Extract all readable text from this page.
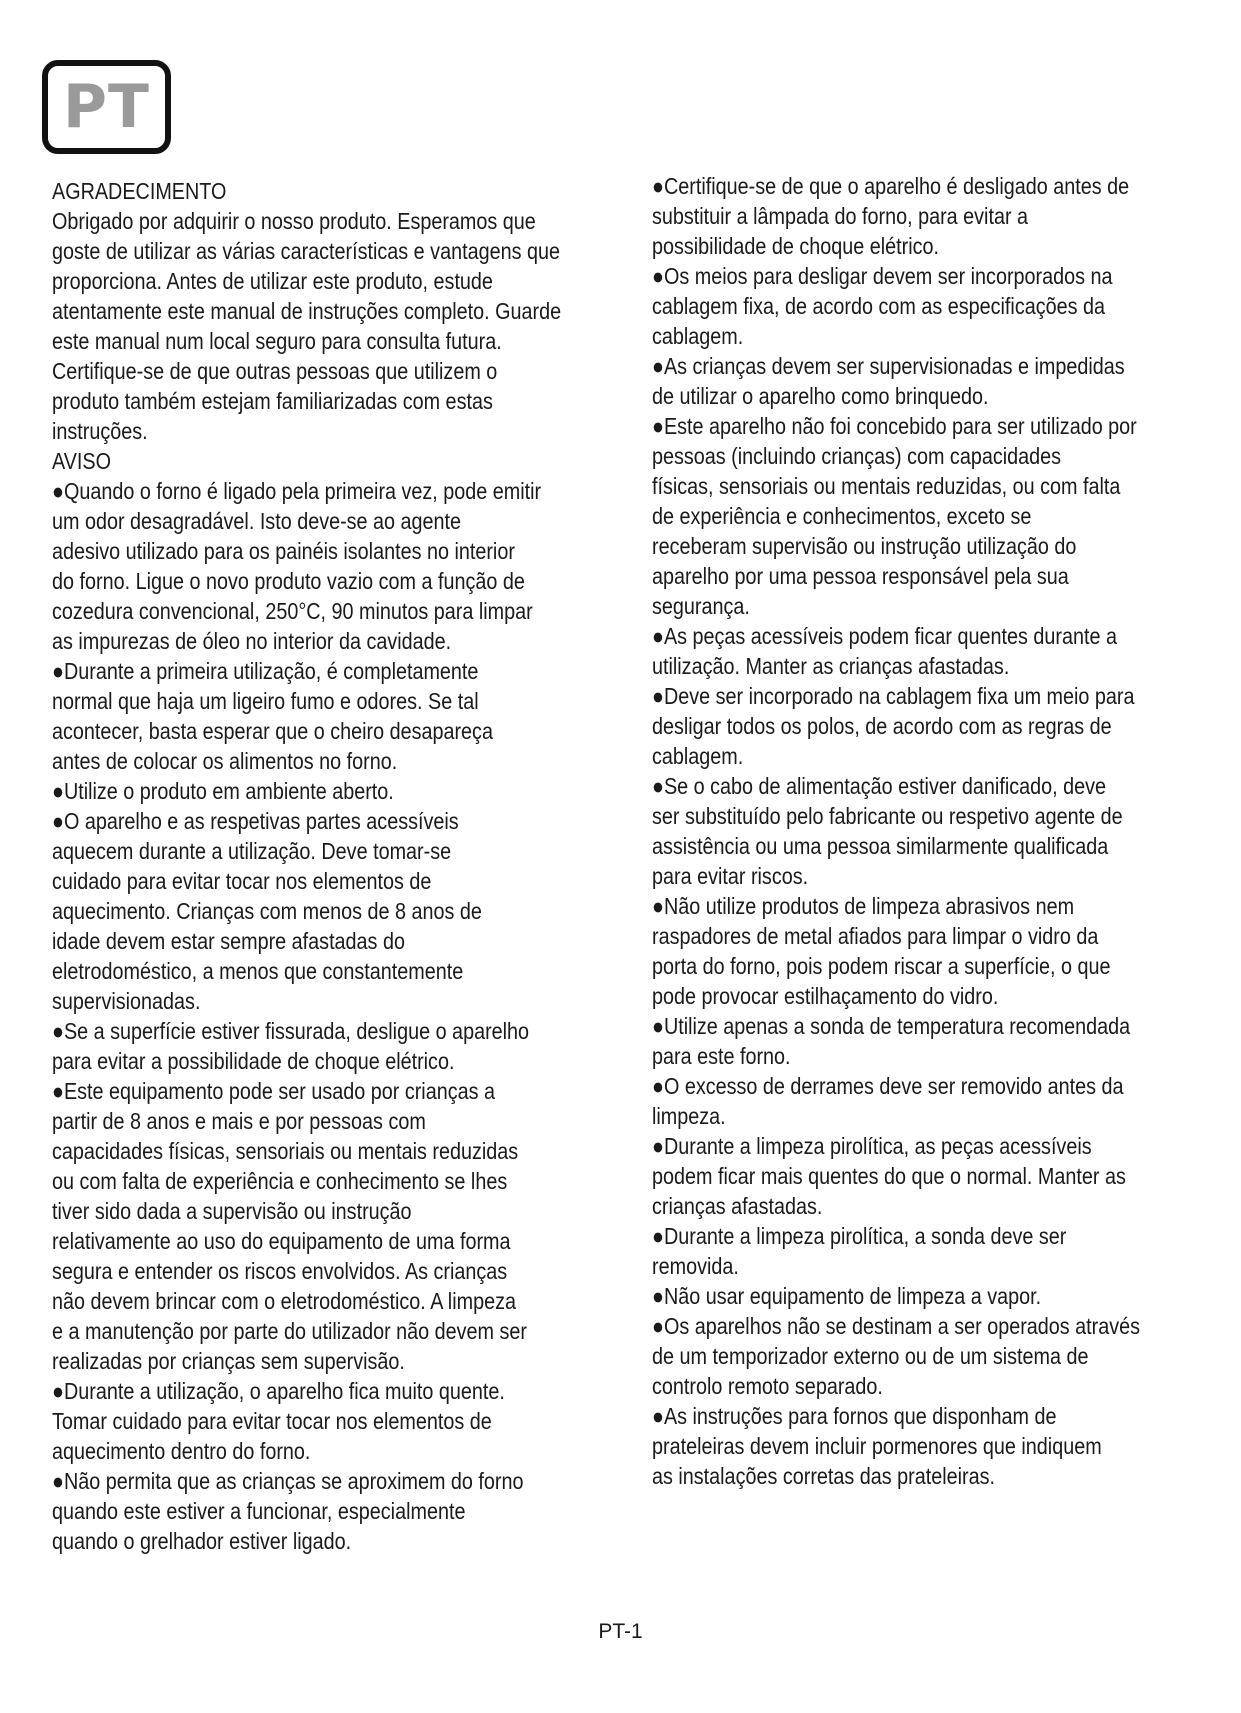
PT
AGRADECIMENTO
Obrigado por adquirir o nosso produto. Esperamos que
goste de utilizar as várias características e vantagens que
proporciona. Antes de utilizar este produto, estude
atentamente este manual de instruções completo. Guarde
este manual num local seguro para consulta futura.
Certifique-se de que outras pessoas que utilizem o
produto também estejam familiarizadas com estas
instruções.
AVISO
●Quando o forno é ligado pela primeira vez, pode emitir
um odor desagradável. Isto deve-se ao agente
adesivo utilizado para os painéis isolantes no interior
do forno. Ligue o novo produto vazio com a função de
cozedura convencional, 250°C, 90 minutos para limpar
as impurezas de óleo no interior da cavidade.
●Durante a primeira utilização, é completamente
normal que haja um ligeiro fumo e odores. Se tal
acontecer, basta esperar que o cheiro desapareça
antes de colocar os alimentos no forno.
●Utilize o produto em ambiente aberto.
●O aparelho e as respetivas partes acessíveis
aquecem durante a utilização. Deve tomar-se
cuidado para evitar tocar nos elementos de
aquecimento. Crianças com menos de 8 anos de
idade devem estar sempre afastadas do
eletrodoméstico, a menos que constantemente
supervisionadas.
●Se a superfície estiver fissurada, desligue o aparelho
para evitar a possibilidade de choque elétrico.
●Este equipamento pode ser usado por crianças a
partir de 8 anos e mais e por pessoas com
capacidades físicas, sensoriais ou mentais reduzidas
ou com falta de experiência e conhecimento se lhes
tiver sido dada a supervisão ou instrução
relativamente ao uso do equipamento de uma forma
segura e entender os riscos envolvidos. As crianças
não devem brincar com o eletrodoméstico. A limpeza
e a manutenção por parte do utilizador não devem ser
realizadas por crianças sem supervisão.
●Durante a utilização, o aparelho fica muito quente.
Tomar cuidado para evitar tocar nos elementos de
aquecimento dentro do forno.
●Não permita que as crianças se aproximem do forno
quando este estiver a funcionar, especialmente
quando o grelhador estiver ligado.
●Certifique-se de que o aparelho é desligado antes de
substituir a lâmpada do forno, para evitar a
possibilidade de choque elétrico.
●Os meios para desligar devem ser incorporados na
cablagem fixa, de acordo com as especificações da
cablagem.
●As crianças devem ser supervisionadas e impedidas
de utilizar o aparelho como brinquedo.
●Este aparelho não foi concebido para ser utilizado por
pessoas (incluindo crianças) com capacidades
físicas, sensoriais ou mentais reduzidas, ou com falta
de experiência e conhecimentos, exceto se
receberam supervisão ou instrução utilização do
aparelho por uma pessoa responsável pela sua
segurança.
●As peças acessíveis podem ficar quentes durante a
utilização. Manter as crianças afastadas.
●Deve ser incorporado na cablagem fixa um meio para
desligar todos os polos, de acordo com as regras de
cablagem.
●Se o cabo de alimentação estiver danificado, deve
ser substituído pelo fabricante ou respetivo agente de
assistência ou uma pessoa similarmente qualificada
para evitar riscos.
●Não utilize produtos de limpeza abrasivos nem
raspadores de metal afiados para limpar o vidro da
porta do forno, pois podem riscar a superfície, o que
pode provocar estilhaçamento do vidro.
●Utilize apenas a sonda de temperatura recomendada
para este forno.
●O excesso de derrames deve ser removido antes da
limpeza.
●Durante a limpeza pirolítica, as peças acessíveis
podem ficar mais quentes do que o normal. Manter as
crianças afastadas.
●Durante a limpeza pirolítica, a sonda deve ser
removida.
●Não usar equipamento de limpeza a vapor.
●Os aparelhos não se destinam a ser operados através
de um temporizador externo ou de um sistema de
controlo remoto separado.
●As instruções para fornos que disponham de
prateleiras devem incluir pormenores que indiquem
as instalações corretas das prateleiras.
PT-1
